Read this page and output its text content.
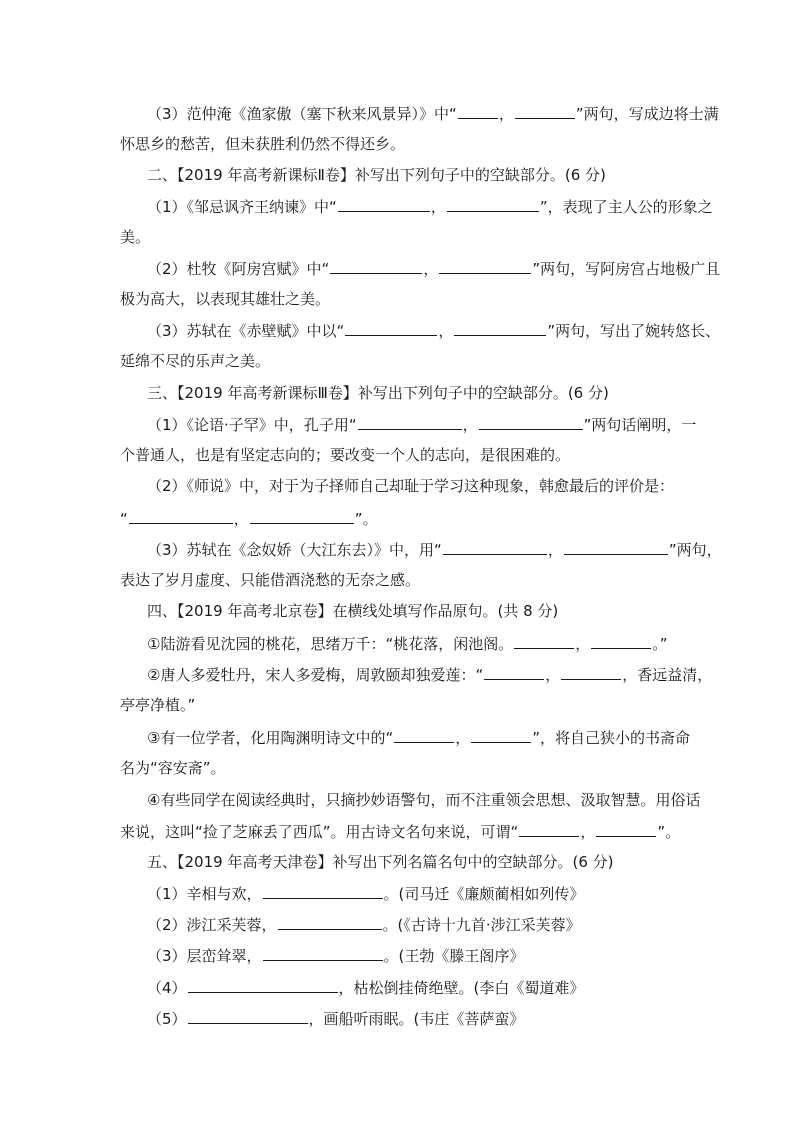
（3）范仲淹《渔家傲（塞下秋来风景异）》中“	，	”两句，写成边将士满
怀思乡的愁苦，但未获胜利仍然不得还乡。
二、【2019 年高考新课标Ⅱ卷】补写出下列句子中的空缺部分。(6 分)
（1）《邹忌讽齐王纳谏》中“	，	”，表现了主人公的形象之
美。
（2）杜牧《阿房宫赋》中“	，	”两句，写阿房宫占地极广且
极为高大，以表现其雄壮之美。
（3）苏轼在《赤壁赋》中以“	，	”两句，写出了婉转悠长、
延绵不尽的乐声之美。
三、【2019 年高考新课标Ⅲ卷】补写出下列句子中的空缺部分。(6 分)
（1）《论语·子罕》中，孔子用“	，	”两句话阐明，一
个普通人，也是有坚定志向的；要改变一个人的志向，是很困难的。
（2）《师说》中，对于为子择师自己却耻于学习这种现象，韩愈最后的评价是：
“	，	”。
（3）苏轼在《念奴娇（大江东去）》中，用“	，	”两句，
表达了岁月虚度、只能借酒浇愁的无奈之感。
四、【2019 年高考北京卷】在横线处填写作品原句。(共 8 分)
①陆游看见沈园的桃花，思绪万千：“桃花落，闲池阁。	，	。”
②唐人多爱牡丹，宋人多爱梅，周敦颐却独爱莲：“	，	，香远益清，
亭亭净植。”
③有一位学者，化用陶渊明诗文中的“	，	”，将自己狭小的书斋命
名为“容安斋”。
④有些同学在阅读经典时，只摘抄妙语警句，而不注重领会思想、汲取智慧。用俗话
来说，这叫“捡了芝麻丢了西瓜”。用古诗文名句来说，可谓“	，	”。
五、【2019 年高考天津卷】补写出下列名篇名句中的空缺部分。(6 分)
（1）辛相与欢，	。(司马迁《廉颇蔺相如列传》
（2）涉江采芙蓉，	。(《古诗十九首·涉江采芙蓉》
（3）层峦耸翠，	。(王勃《滕王阁序》
（4）	，枯松倒挂倚绝壁。(李白《蜀道难》
（5）	，画船听雨眠。(韦庄《菩萨蛮》
